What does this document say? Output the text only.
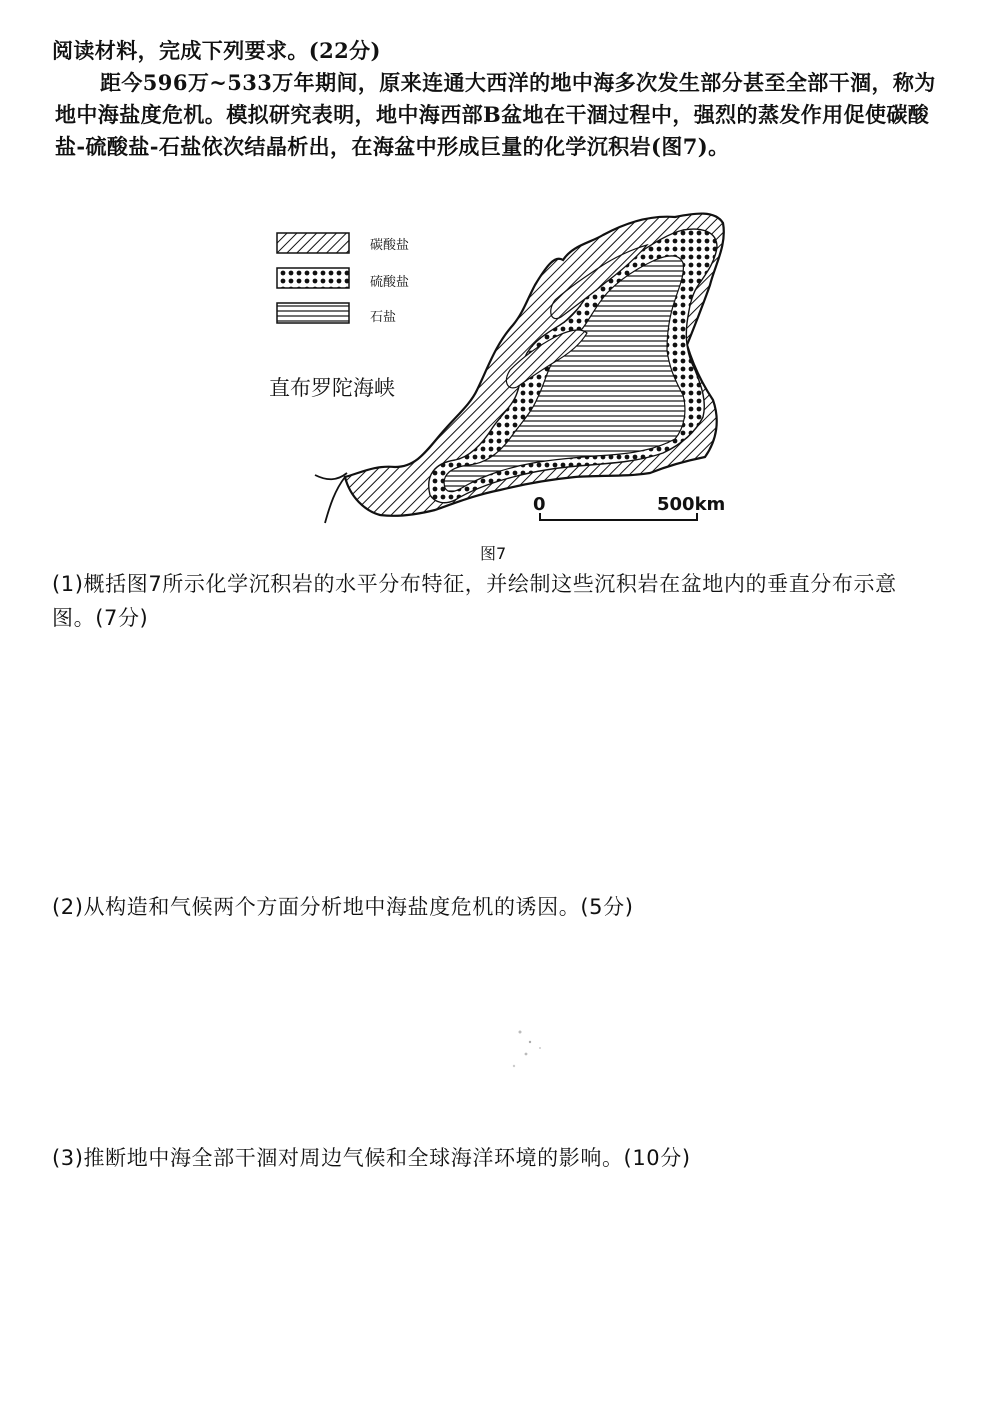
阅读材料，完成下列要求。(22分)
距今596万~533万年期间，原来连通大西洋的地中海多次发生部分甚至全部干涸，称为
地中海盐度危机。模拟研究表明，地中海西部B盆地在干涸过程中，强烈的蒸发作用促使碳酸
盐-硫酸盐-石盐依次结晶析出，在海盆中形成巨量的化学沉积岩(图7)。
碳酸盐
硫酸盐
石盐
直布罗陀海峡
0	500km
图7
(1)概括图7所示化学沉积岩的水平分布特征，并绘制这些沉积岩在盆地内的垂直分布示意
图。(7分)
(2)从构造和气候两个方面分析地中海盐度危机的诱因。(5分)
(3)推断地中海全部干涸对周边气候和全球海洋环境的影响。(10分)
